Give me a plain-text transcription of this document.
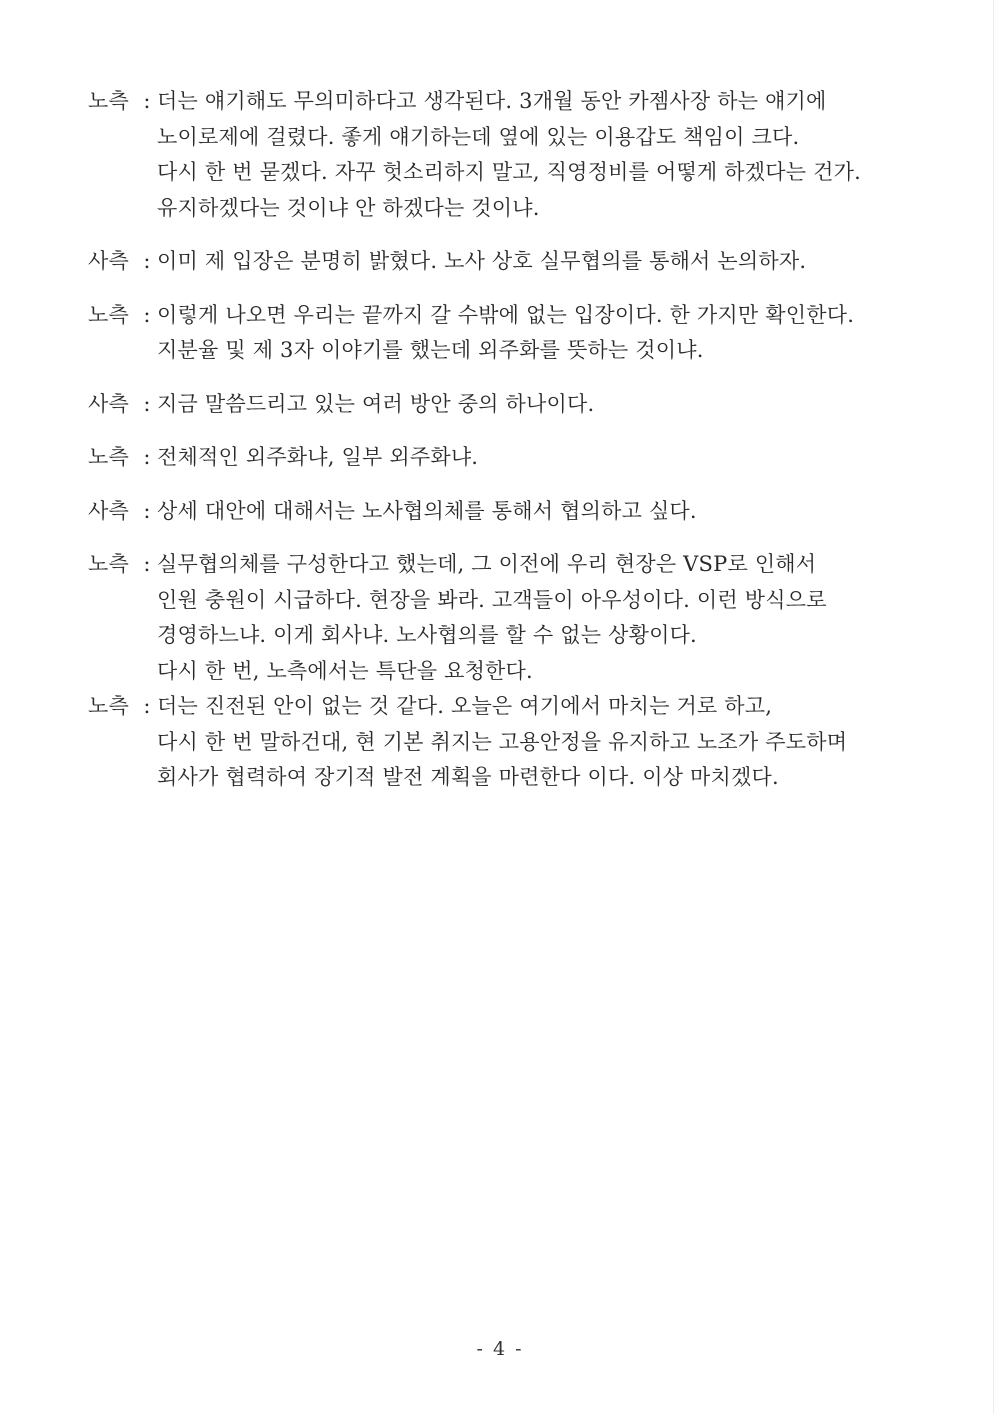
노측 : 더는 얘기해도 무의미하다고 생각된다. 3개월 동안 카젬사장 하는 얘기에
노이로제에 걸렸다. 좋게 얘기하는데 옆에 있는 이용갑도 책임이 크다.
다시 한 번 묻겠다. 자꾸 헛소리하지 말고, 직영정비를 어떻게 하겠다는 건가.
유지하겠다는 것이냐 안 하겠다는 것이냐.
사측 : 이미 제 입장은 분명히 밝혔다. 노사 상호 실무협의를 통해서 논의하자.
노측 : 이렇게 나오면 우리는 끝까지 갈 수밖에 없는 입장이다. 한 가지만 확인한다.
지분율 및 제 3자 이야기를 했는데 외주화를 뜻하는 것이냐.
사측 : 지금 말씀드리고 있는 여러 방안 중의 하나이다.
노측 : 전체적인 외주화냐, 일부 외주화냐.
사측 : 상세 대안에 대해서는 노사협의체를 통해서 협의하고 싶다.
노측 : 실무협의체를 구성한다고 했는데, 그 이전에 우리 현장은 VSP로 인해서
인원 충원이 시급하다. 현장을 봐라. 고객들이 아우성이다. 이런 방식으로
경영하느냐. 이게 회사냐. 노사협의를 할 수 없는 상황이다.
다시 한 번, 노측에서는 특단을 요청한다.
노측 : 더는 진전된 안이 없는 것 같다. 오늘은 여기에서 마치는 거로 하고,
다시 한 번 말하건대, 현 기본 취지는 고용안정을 유지하고 노조가 주도하며
회사가 협력하여 장기적 발전 계획을 마련한다 이다. 이상 마치겠다.
- 4 -
